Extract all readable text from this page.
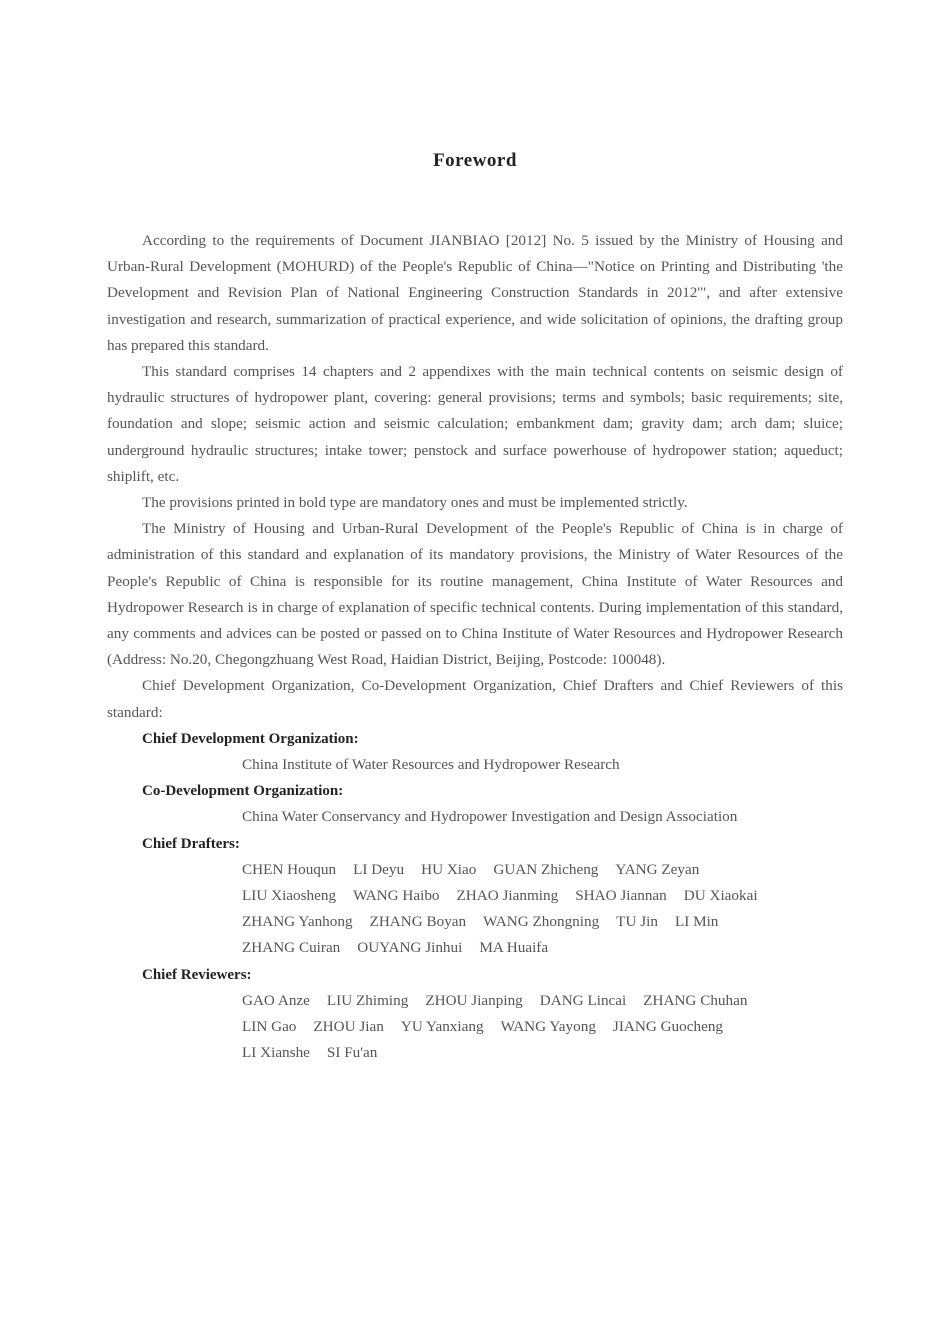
Foreword

According to the requirements of Document JIANBIAO [2012] No. 5 issued by the Ministry of Housing and Urban-Rural Development (MOHURD) of the People's Republic of China—"Notice on Printing and Distributing 'the Development and Revision Plan of National Engineering Construction Standards in 2012'", and after extensive investigation and research, summarization of practical experience, and wide solicitation of opinions, the drafting group has prepared this standard.

This standard comprises 14 chapters and 2 appendixes with the main technical contents on seismic design of hydraulic structures of hydropower plant, covering: general provisions; terms and symbols; basic requirements; site, foundation and slope; seismic action and seismic calculation; embankment dam; gravity dam; arch dam; sluice; underground hydraulic structures; intake tower; penstock and surface powerhouse of hydropower station; aqueduct; shiplift, etc.

The provisions printed in bold type are mandatory ones and must be implemented strictly.

The Ministry of Housing and Urban-Rural Development of the People's Republic of China is in charge of administration of this standard and explanation of its mandatory provisions, the Ministry of Water Resources of the People's Republic of China is responsible for its routine management, China Institute of Water Resources and Hydropower Research is in charge of explanation of specific technical contents. During implementation of this standard, any comments and advices can be posted or passed on to China Institute of Water Resources and Hydropower Research (Address: No.20, Chegongzhuang West Road, Haidian District, Beijing, Postcode: 100048).

Chief Development Organization, Co-Development Organization, Chief Drafters and Chief Reviewers of this standard:

Chief Development Organization:
China Institute of Water Resources and Hydropower Research
Co-Development Organization:
China Water Conservancy and Hydropower Investigation and Design Association
Chief Drafters:
CHEN Houqun LI Deyu HU Xiao GUAN Zhicheng YANG Zeyan
LIU Xiaosheng WANG Haibo ZHAO Jianming SHAO Jiannan DU Xiaokai
ZHANG Yanhong ZHANG Boyan WANG Zhongning TU Jin LI Min
ZHANG Cuiran OUYANG Jinhui MA Huaifa
Chief Reviewers:
GAO Anze LIU Zhiming ZHOU Jianping DANG Lincai ZHANG Chuhan
LIN Gao ZHOU Jian YU Yanxiang WANG Yayong JIANG Guocheng
LI Xianshe SI Fu'an
